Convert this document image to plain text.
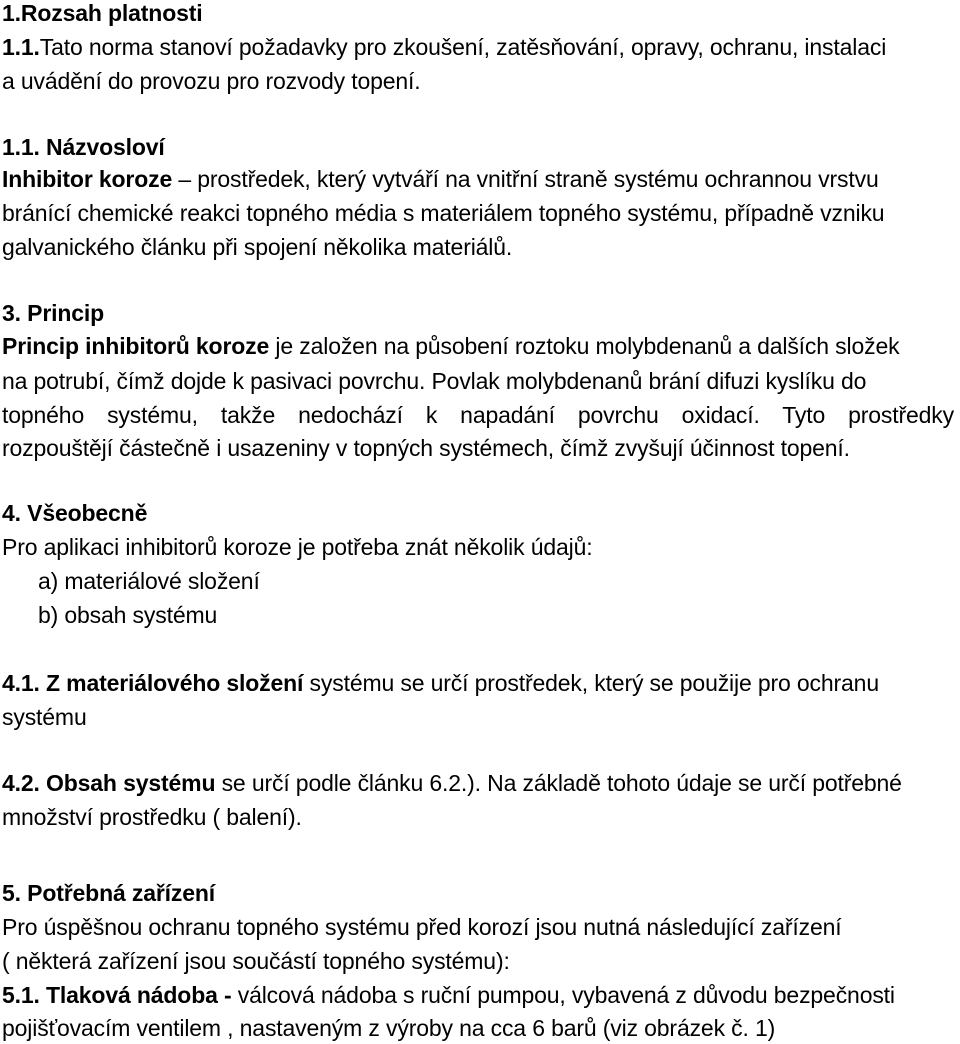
1.Rozsah platnosti
1.1.Tato norma stanoví požadavky pro zkoušení, zatěsňování, opravy, ochranu, instalaci
a uvádění do provozu pro rozvody topení.
1.1. Názvosloví
Inhibitor koroze – prostředek, který vytváří na vnitřní straně systému ochrannou vrstvu
bránící chemické reakci topného média s materiálem topného systému, případně vzniku
galvanického článku při spojení několika materiálů.
3. Princip
Princip inhibitorů koroze je založen na působení roztoku molybdenanů a dalších složek
na potrubí, čímž dojde k pasivaci povrchu. Povlak molybdenanů brání difuzi kyslíku do
topného systému, takže nedochází k napadání povrchu oxidací. Tyto prostředky
rozpouštějí částečně i usazeniny v topných systémech, čímž zvyšují účinnost topení.
4. Všeobecně
Pro aplikaci inhibitorů koroze je potřeba znát několik údajů:
a) materiálové složení
b) obsah systému
4.1. Z materiálového složení systému se určí prostředek, který se použije pro ochranu
systému
4.2. Obsah systému se určí podle článku 6.2.). Na základě tohoto údaje se určí potřebné
množství prostředku ( balení).
5. Potřebná zařízení
Pro úspěšnou ochranu topného systému před korozí jsou nutná následující zařízení
( některá zařízení jsou součástí topného systému):
5.1. Tlaková nádoba - válcová nádoba s ruční pumpou, vybavená z důvodu bezpečnosti
pojišťovacím ventilem , nastaveným z výroby na cca 6 barů (viz obrázek č. 1)
